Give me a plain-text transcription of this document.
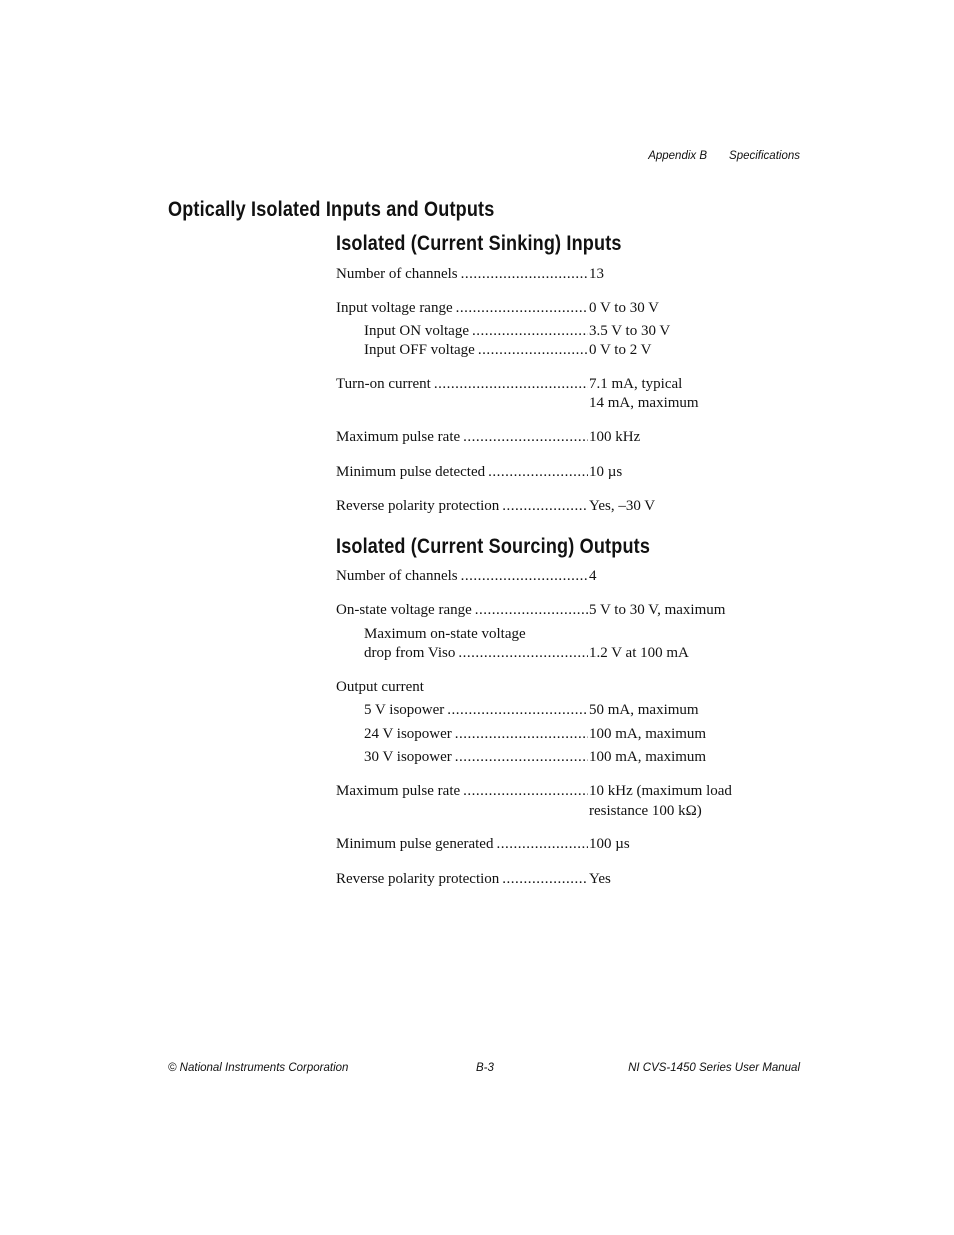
Appendix B Specifications
Optically Isolated Inputs and Outputs
Isolated (Current Sinking) Inputs
Number of channels .....	13
Input voltage range .....	0 V to 30 V
Input ON voltage .....	3.5 V to 30 V
Input OFF voltage .....	0 V to 2 V
Turn-on current .....	7.1 mA, typical
14 mA, maximum
Maximum pulse rate .....	100 kHz
Minimum pulse detected .....	10 µs
Reverse polarity protection .....	Yes, –30 V
Isolated (Current Sourcing) Outputs
Number of channels .....	4
On-state voltage range .....	5 V to 30 V, maximum
Maximum on-state voltage
drop from Viso .....	1.2 V at 100 mA
Output current
5 V isopower .....	50 mA, maximum
24 V isopower .....	100 mA, maximum
30 V isopower .....	100 mA, maximum
Maximum pulse rate .....	10 kHz (maximum load
resistance 100 kΩ)
Minimum pulse generated .....	100 µs
Reverse polarity protection .....	Yes
© National Instruments Corporation	B-3	NI CVS-1450 Series User Manual
